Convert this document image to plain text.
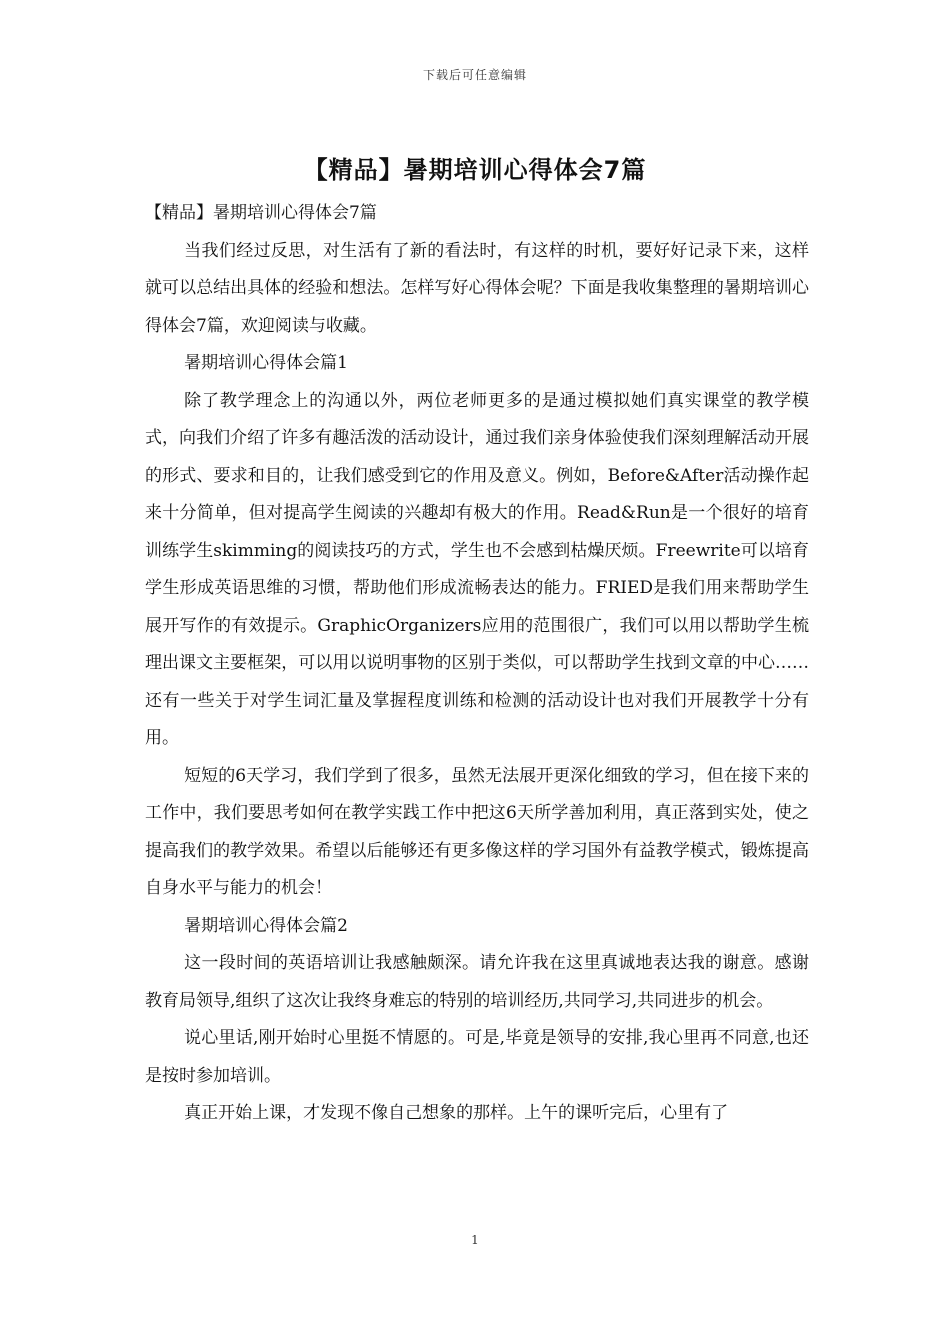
下载后可任意编辑
【精品】暑期培训心得体会7篇

【精品】暑期培训心得体会7篇

当我们经过反思，对生活有了新的看法时，有这样的时机，要好好记录下来，这样就可以总结出具体的经验和想法。怎样写好心得体会呢？下面是我收集整理的暑期培训心得体会7篇，欢迎阅读与收藏。

暑期培训心得体会篇1

除了教学理念上的沟通以外，两位老师更多的是通过模拟她们真实课堂的教学模式，向我们介绍了许多有趣活泼的活动设计，通过我们亲身体验使我们深刻理解活动开展的形式、要求和目的，让我们感受到它的作用及意义。例如，Before&After活动操作起来十分简单，但对提高学生阅读的兴趣却有极大的作用。Read&Run是一个很好的培育训练学生skimming的阅读技巧的方式，学生也不会感到枯燥厌烦。Freewrite可以培育学生形成英语思维的习惯，帮助他们形成流畅表达的能力。FRIED是我们用来帮助学生展开写作的有效提示。GraphicOrganizers应用的范围很广，我们可以用以帮助学生梳理出课文主要框架，可以用以说明事物的区别于类似，可以帮助学生找到文章的中心……还有一些关于对学生词汇量及掌握程度训练和检测的活动设计也对我们开展教学十分有用。

短短的6天学习，我们学到了很多，虽然无法展开更深化细致的学习，但在接下来的工作中，我们要思考如何在教学实践工作中把这6天所学善加利用，真正落到实处，使之提高我们的教学效果。希望以后能够还有更多像这样的学习国外有益教学模式，锻炼提高自身水平与能力的机会！

暑期培训心得体会篇2

这一段时间的英语培训让我感触颇深。请允许我在这里真诚地表达我的谢意。感谢教育局领导,组织了这次让我终身难忘的特别的培训经历,共同学习,共同进步的机会。

说心里话,刚开始时心里挺不情愿的。可是,毕竟是领导的安排,我心里再不同意,也还是按时参加培训。

真正开始上课，才发现不像自己想象的那样。上午的课听完后，心里有了

1
